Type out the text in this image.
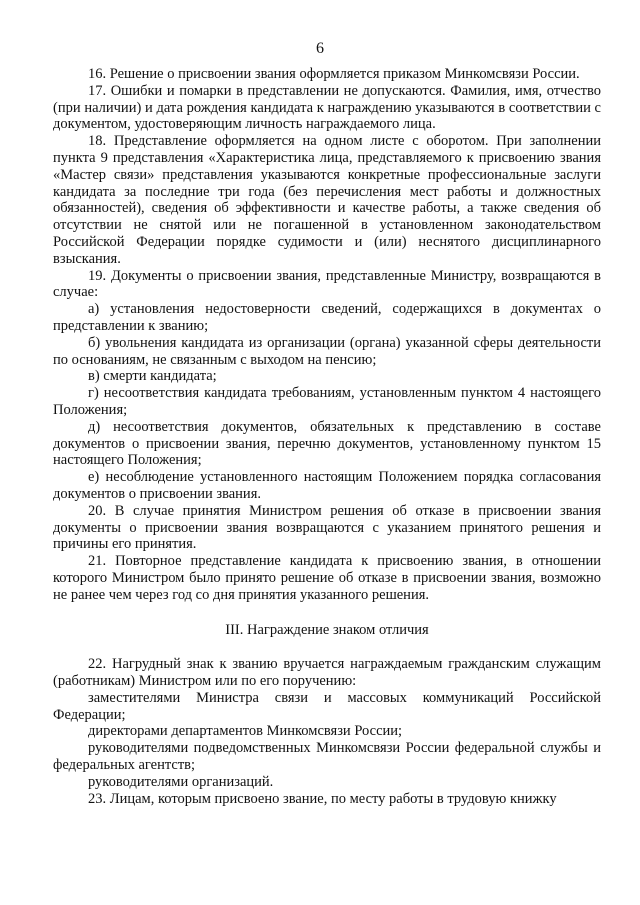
6

16. Решение о присвоении звания оформляется приказом Минкомсвязи России.

17. Ошибки и помарки в представлении не допускаются. Фамилия, имя, отчество (при наличии) и дата рождения кандидата к награждению указываются в соответствии с документом, удостоверяющим личность награждаемого лица.

18. Представление оформляется на одном листе с оборотом. При заполнении пункта 9 представления «Характеристика лица, представляемого к присвоению звания «Мастер связи» представления указываются конкретные профессиональные заслуги кандидата за последние три года (без перечисления мест работы и должностных обязанностей), сведения об эффективности и качестве работы, а также сведения об отсутствии не снятой или не погашенной в установленном законодательством Российской Федерации порядке судимости и (или) неснятого дисциплинарного взыскания.

19. Документы о присвоении звания, представленные Министру, возвращаются в случае:

а) установления недостоверности сведений, содержащихся в документах о представлении к званию;

б) увольнения кандидата из организации (органа) указанной сферы деятельности по основаниям, не связанным с выходом на пенсию;

в) смерти кандидата;

г) несоответствия кандидата требованиям, установленным пунктом 4 настоящего Положения;

д) несоответствия документов, обязательных к представлению в составе документов о присвоении звания, перечню документов, установленному пунктом 15 настоящего Положения;

е) несоблюдение установленного настоящим Положением порядка согласования документов о присвоении звания.

20. В случае принятия Министром решения об отказе в присвоении звания документы о присвоении звания возвращаются с указанием принятого решения и причины его принятия.

21. Повторное представление кандидата к присвоению звания, в отношении которого Министром было принято решение об отказе в присвоении звания, возможно не ранее чем через год со дня принятия указанного решения.

III. Награждение знаком отличия

22. Нагрудный знак к званию вручается награждаемым гражданским служащим (работникам) Министром или по его поручению:

заместителями Министра связи и массовых коммуникаций Российской Федерации;

директорами департаментов Минкомсвязи России;

руководителями подведомственных Минкомсвязи России федеральной службы и федеральных агентств;

руководителями организаций.

23. Лицам, которым присвоено звание, по месту работы в трудовую книжку
